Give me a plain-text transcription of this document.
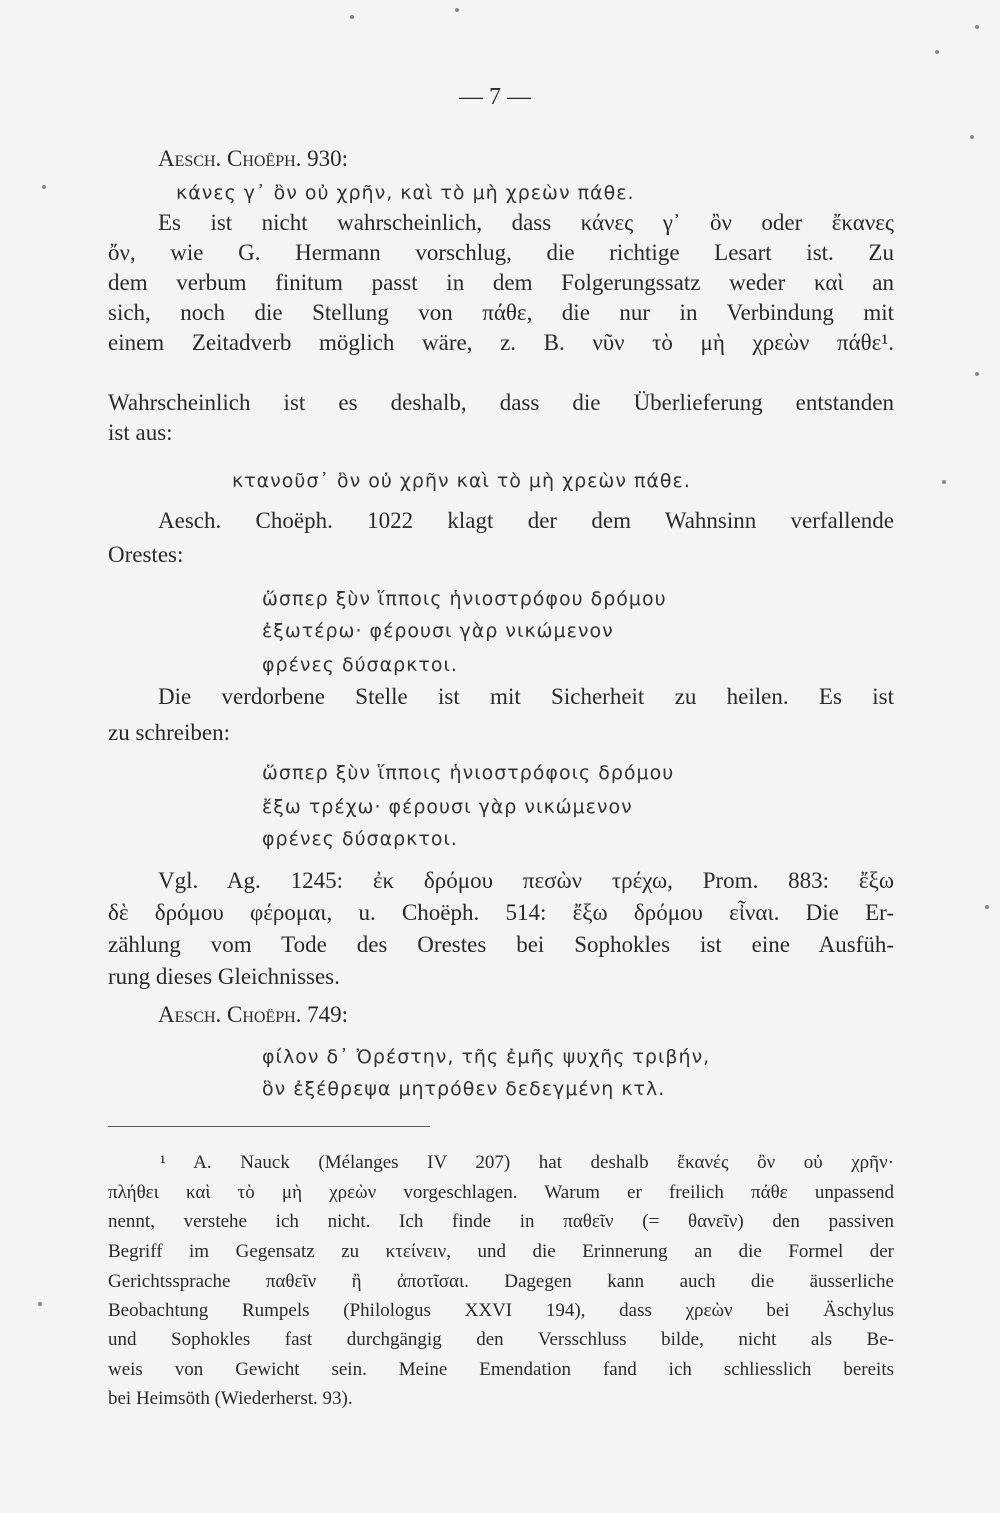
— 7 —
Aesch. Choëph. 930:
κάνες γ᾽ ὂν οὐ χρῆν, καὶ τὸ μὴ χρεὼν πάθε.
Es ist nicht wahrscheinlich, dass κάνες γ᾽ ὂν oder ἔκανες
ὄν, wie G. Hermann vorschlug, die richtige Lesart ist. Zu
dem verbum finitum passt in dem Folgerungssatz weder καὶ an
sich, noch die Stellung von πάθε, die nur in Verbindung mit
einem Zeitadverb möglich wäre, z. B. νῦν τὸ μὴ χρεὼν πάθε¹.
Wahrscheinlich ist es deshalb, dass die Überlieferung entstanden
ist aus:
κτανοῦσ᾽ ὂν οὐ χρῆν καὶ τὸ μὴ χρεὼν πάθε.
Aesch. Choëph. 1022 klagt der dem Wahnsinn verfallende
Orestes:
ὥσπερ ξὺν ἵπποις ἡνιοστρόφου δρόμου
ἐξωτέρω· φέρουσι γὰρ νικώμενον
φρένες δύσαρκτοι.
Die verdorbene Stelle ist mit Sicherheit zu heilen. Es ist
zu schreiben:
ὥσπερ ξὺν ἵπποις ἡνιοστρόφοις δρόμου
ἔξω τρέχω· φέρουσι γὰρ νικώμενον
φρένες δύσαρκτοι.
Vgl. Ag. 1245: ἐκ δρόμου πεσὼν τρέχω, Prom. 883: ἔξω
δὲ δρόμου φέρομαι, u. Choëph. 514: ἔξω δρόμου εἶναι. Die Er-
zählung vom Tode des Orestes bei Sophokles ist eine Ausfüh-
rung dieses Gleichnisses.
Aesch. Choëph. 749:
φίλον δ᾽ Ὀρέστην, τῆς ἐμῆς ψυχῆς τριβήν,
ὃν ἐξέθρεψα μητρόθεν δεδεγμένη κτλ.
¹ A. Nauck (Mélanges IV 207) hat deshalb ἔκανές ὂν οὐ χρῆν·
πλήθει καὶ τὸ μὴ χρεὼν vorgeschlagen. Warum er freilich πάθε unpassend
nennt, verstehe ich nicht. Ich finde in παθεῖν (= θανεῖν) den passiven
Begriff im Gegensatz zu κτείνειν, und die Erinnerung an die Formel der
Gerichtssprache παθεῖν ἢ ἀποτῖσαι. Dagegen kann auch die äusserliche
Beobachtung Rumpels (Philologus XXVI 194), dass χρεὼν bei Äschylus
und Sophokles fast durchgängig den Versschluss bilde, nicht als Be-
weis von Gewicht sein. Meine Emendation fand ich schliesslich bereits
bei Heimsöth (Wiederherst. 93).
